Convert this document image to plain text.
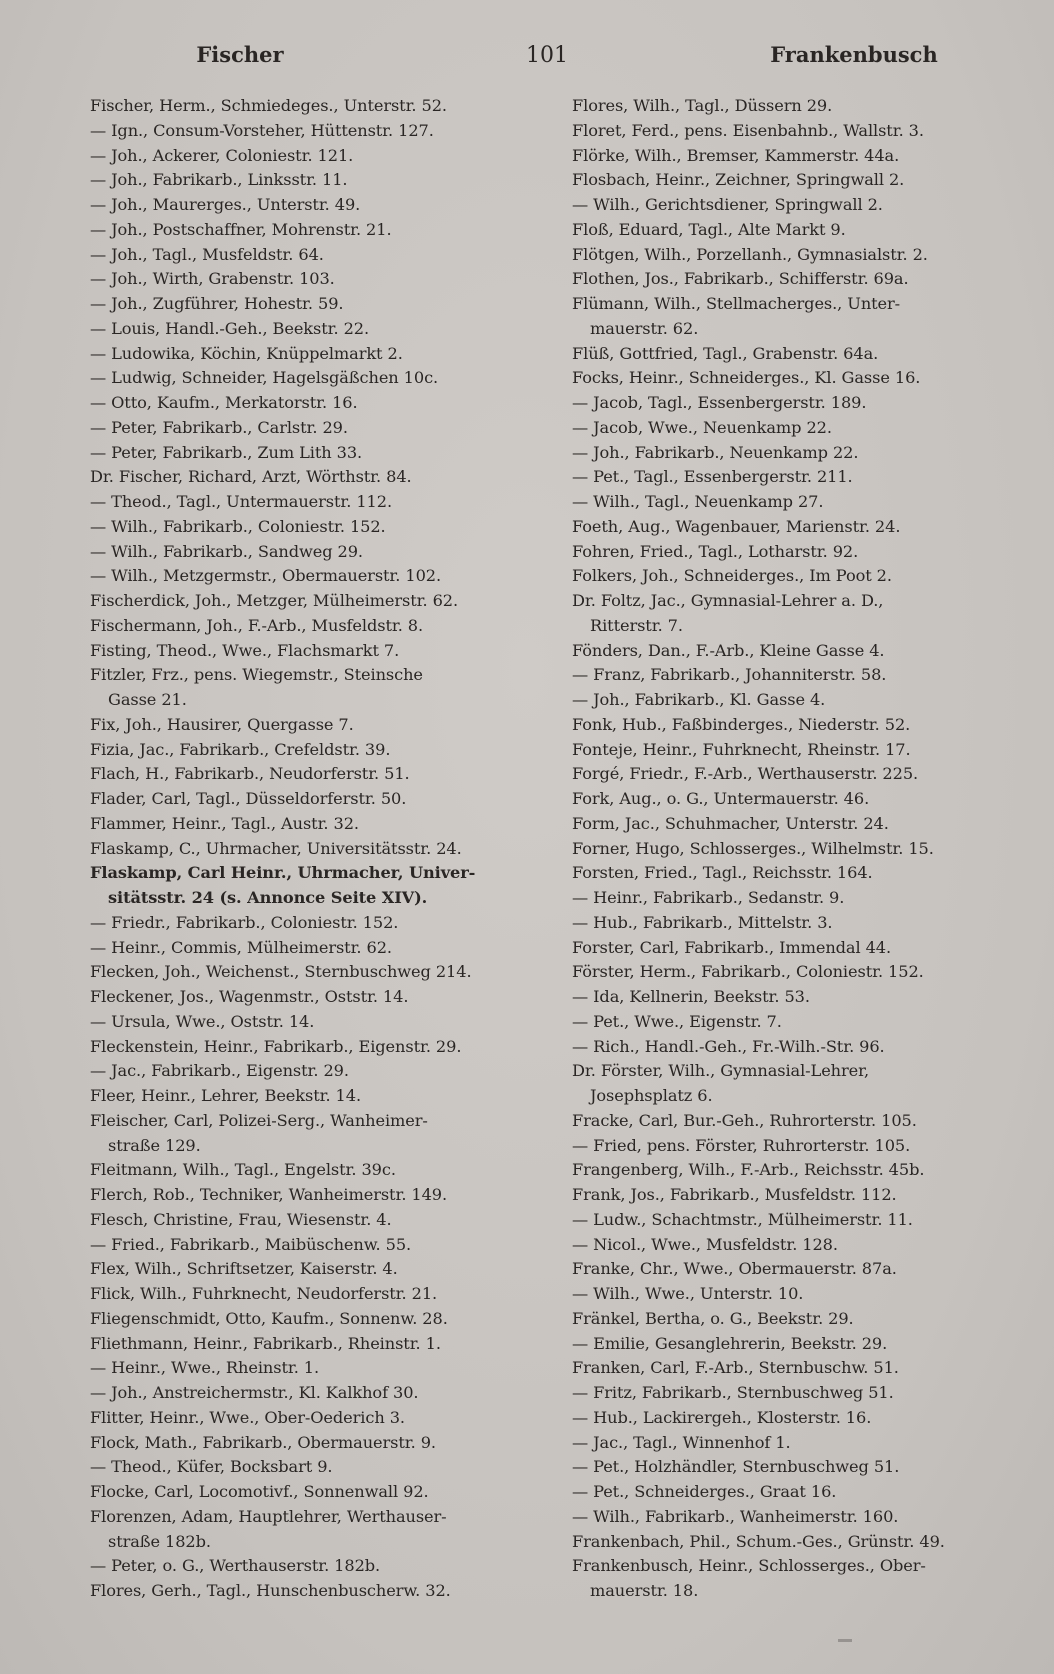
Fischer	101	Frankenbusch
Fischer, Herm., Schmiedeges., Unterstr. 52.
— Ign., Consum-Vorsteher, Hüttenstr. 127.
— Joh., Ackerer, Coloniestr. 121.
— Joh., Fabrikarb., Linksstr. 11.
— Joh., Maurerges., Unterstr. 49.
— Joh., Postschaffner, Mohrenstr. 21.
— Joh., Tagl., Musfeldstr. 64.
— Joh., Wirth, Grabenstr. 103.
— Joh., Zugführer, Hohestr. 59.
— Louis, Handl.-Geh., Beekstr. 22.
— Ludowika, Köchin, Knüppelmarkt 2.
— Ludwig, Schneider, Hagelsgäßchen 10c.
— Otto, Kaufm., Merkatorstr. 16.
— Peter, Fabrikarb., Carlstr. 29.
— Peter, Fabrikarb., Zum Lith 33.
Dr. Fischer, Richard, Arzt, Wörthstr. 84.
— Theod., Tagl., Untermauerstr. 112.
— Wilh., Fabrikarb., Coloniestr. 152.
— Wilh., Fabrikarb., Sandweg 29.
— Wilh., Metzgermstr., Obermauerstr. 102.
Fischerdick, Joh., Metzger, Mülheimerstr. 62.
Fischermann, Joh., F.-Arb., Musfeldstr. 8.
Fisting, Theod., Wwe., Flachsmarkt 7.
Fitzler, Frz., pens. Wiegemstr., Steinsche
Gasse 21.
Fix, Joh., Hausirer, Quergasse 7.
Fizia, Jac., Fabrikarb., Crefeldstr. 39.
Flach, H., Fabrikarb., Neudorferstr. 51.
Flader, Carl, Tagl., Düsseldorferstr. 50.
Flammer, Heinr., Tagl., Austr. 32.
Flaskamp, C., Uhrmacher, Universitätsstr. 24.
Flaskamp, Carl Heinr., Uhrmacher, Univer-
sitätsstr. 24 (s. Annonce Seite XIV).
— Friedr., Fabrikarb., Coloniestr. 152.
— Heinr., Commis, Mülheimerstr. 62.
Flecken, Joh., Weichenst., Sternbuschweg 214.
Fleckener, Jos., Wagenmstr., Oststr. 14.
— Ursula, Wwe., Oststr. 14.
Fleckenstein, Heinr., Fabrikarb., Eigenstr. 29.
— Jac., Fabrikarb., Eigenstr. 29.
Fleer, Heinr., Lehrer, Beekstr. 14.
Fleischer, Carl, Polizei-Serg., Wanheimer-
straße 129.
Fleitmann, Wilh., Tagl., Engelstr. 39c.
Flerch, Rob., Techniker, Wanheimerstr. 149.
Flesch, Christine, Frau, Wiesenstr. 4.
— Fried., Fabrikarb., Maibüschenw. 55.
Flex, Wilh., Schriftsetzer, Kaiserstr. 4.
Flick, Wilh., Fuhrknecht, Neudorferstr. 21.
Fliegenschmidt, Otto, Kaufm., Sonnenw. 28.
Fliethmann, Heinr., Fabrikarb., Rheinstr. 1.
— Heinr., Wwe., Rheinstr. 1.
— Joh., Anstreichermstr., Kl. Kalkhof 30.
Flitter, Heinr., Wwe., Ober-Oederich 3.
Flock, Math., Fabrikarb., Obermauerstr. 9.
— Theod., Küfer, Bocksbart 9.
Flocke, Carl, Locomotivf., Sonnenwall 92.
Florenzen, Adam, Hauptlehrer, Werthauser-
straße 182b.
— Peter, o. G., Werthauserstr. 182b.
Flores, Gerh., Tagl., Hunschenbuscherw. 32.
Flores, Wilh., Tagl., Düssern 29.
Floret, Ferd., pens. Eisenbahnb., Wallstr. 3.
Flörke, Wilh., Bremser, Kammerstr. 44a.
Flosbach, Heinr., Zeichner, Springwall 2.
— Wilh., Gerichtsdiener, Springwall 2.
Floß, Eduard, Tagl., Alte Markt 9.
Flötgen, Wilh., Porzellanh., Gymnasialstr. 2.
Flothen, Jos., Fabrikarb., Schifferstr. 69a.
Flümann, Wilh., Stellmacherges., Unter-
mauerstr. 62.
Flüß, Gottfried, Tagl., Grabenstr. 64a.
Focks, Heinr., Schneiderges., Kl. Gasse 16.
— Jacob, Tagl., Essenbergerstr. 189.
— Jacob, Wwe., Neuenkamp 22.
— Joh., Fabrikarb., Neuenkamp 22.
— Pet., Tagl., Essenbergerstr. 211.
— Wilh., Tagl., Neuenkamp 27.
Foeth, Aug., Wagenbauer, Marienstr. 24.
Fohren, Fried., Tagl., Lotharstr. 92.
Folkers, Joh., Schneiderges., Im Poot 2.
Dr. Foltz, Jac., Gymnasial-Lehrer a. D.,
Ritterstr. 7.
Fönders, Dan., F.-Arb., Kleine Gasse 4.
— Franz, Fabrikarb., Johanniterstr. 58.
— Joh., Fabrikarb., Kl. Gasse 4.
Fonk, Hub., Faßbinderges., Niederstr. 52.
Fonteje, Heinr., Fuhrknecht, Rheinstr. 17.
Forgé, Friedr., F.-Arb., Werthauserstr. 225.
Fork, Aug., o. G., Untermauerstr. 46.
Form, Jac., Schuhmacher, Unterstr. 24.
Forner, Hugo, Schlosserges., Wilhelmstr. 15.
Forsten, Fried., Tagl., Reichsstr. 164.
— Heinr., Fabrikarb., Sedanstr. 9.
— Hub., Fabrikarb., Mittelstr. 3.
Forster, Carl, Fabrikarb., Immendal 44.
Förster, Herm., Fabrikarb., Coloniestr. 152.
— Ida, Kellnerin, Beekstr. 53.
— Pet., Wwe., Eigenstr. 7.
— Rich., Handl.-Geh., Fr.-Wilh.-Str. 96.
Dr. Förster, Wilh., Gymnasial-Lehrer,
Josephsplatz 6.
Fracke, Carl, Bur.-Geh., Ruhrorterstr. 105.
— Fried, pens. Förster, Ruhrorterstr. 105.
Frangenberg, Wilh., F.-Arb., Reichsstr. 45b.
Frank, Jos., Fabrikarb., Musfeldstr. 112.
— Ludw., Schachtmstr., Mülheimerstr. 11.
— Nicol., Wwe., Musfeldstr. 128.
Franke, Chr., Wwe., Obermauerstr. 87a.
— Wilh., Wwe., Unterstr. 10.
Fränkel, Bertha, o. G., Beekstr. 29.
— Emilie, Gesanglehrerin, Beekstr. 29.
Franken, Carl, F.-Arb., Sternbuschw. 51.
— Fritz, Fabrikarb., Sternbuschweg 51.
— Hub., Lackirergeh., Klosterstr. 16.
— Jac., Tagl., Winnenhof 1.
— Pet., Holzhändler, Sternbuschweg 51.
— Pet., Schneiderges., Graat 16.
— Wilh., Fabrikarb., Wanheimerstr. 160.
Frankenbach, Phil., Schum.-Ges., Grünstr. 49.
Frankenbusch, Heinr., Schlosserges., Ober-
mauerstr. 18.
